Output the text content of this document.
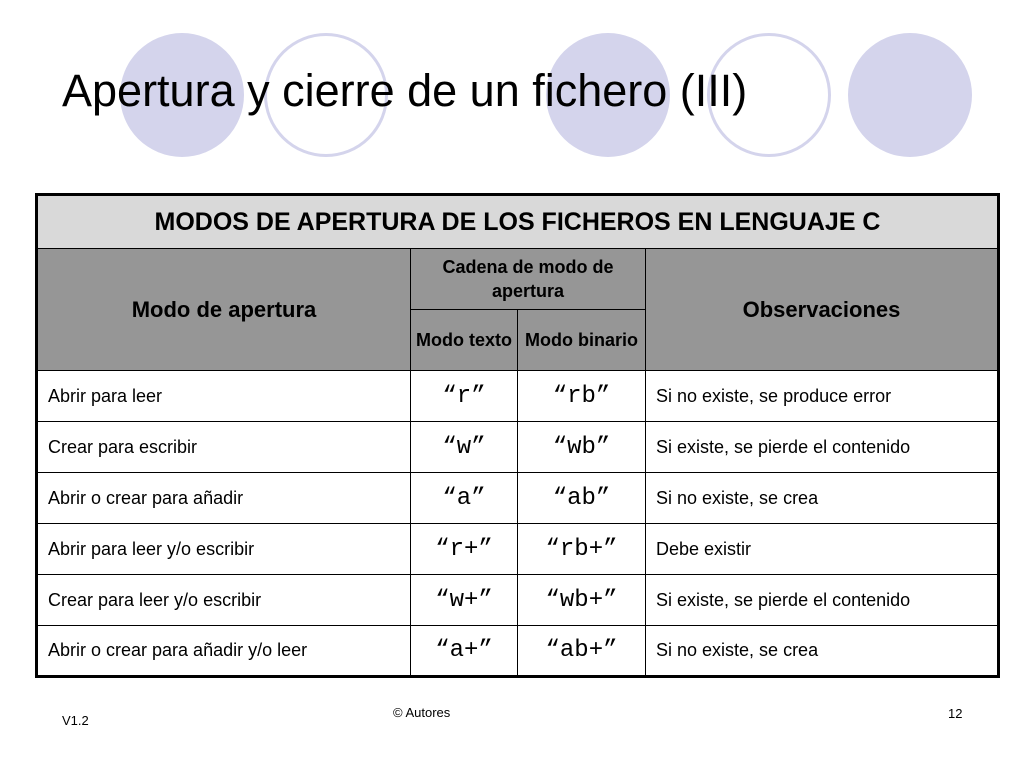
Apertura y cierre de un fichero (III)
MODOS DE APERTURA DE LOS FICHEROS EN LENGUAJE C			
Modo de apertura	Cadena de modo de apertura		Observaciones
	Modo texto	Modo binario	
Abrir para leer	“r”	“rb”	Si no existe, se produce error
Crear para escribir	“w”	“wb”	Si existe, se pierde el contenido
Abrir o crear para añadir	“a”	“ab”	Si no existe, se crea
Abrir para leer y/o escribir	“r+”	“rb+”	Debe existir
Crear para leer y/o escribir	“w+”	“wb+”	Si existe, se pierde el contenido
Abrir o crear para añadir y/o leer	“a+”	“ab+”	Si no existe, se crea
V1.2
© Autores	12
